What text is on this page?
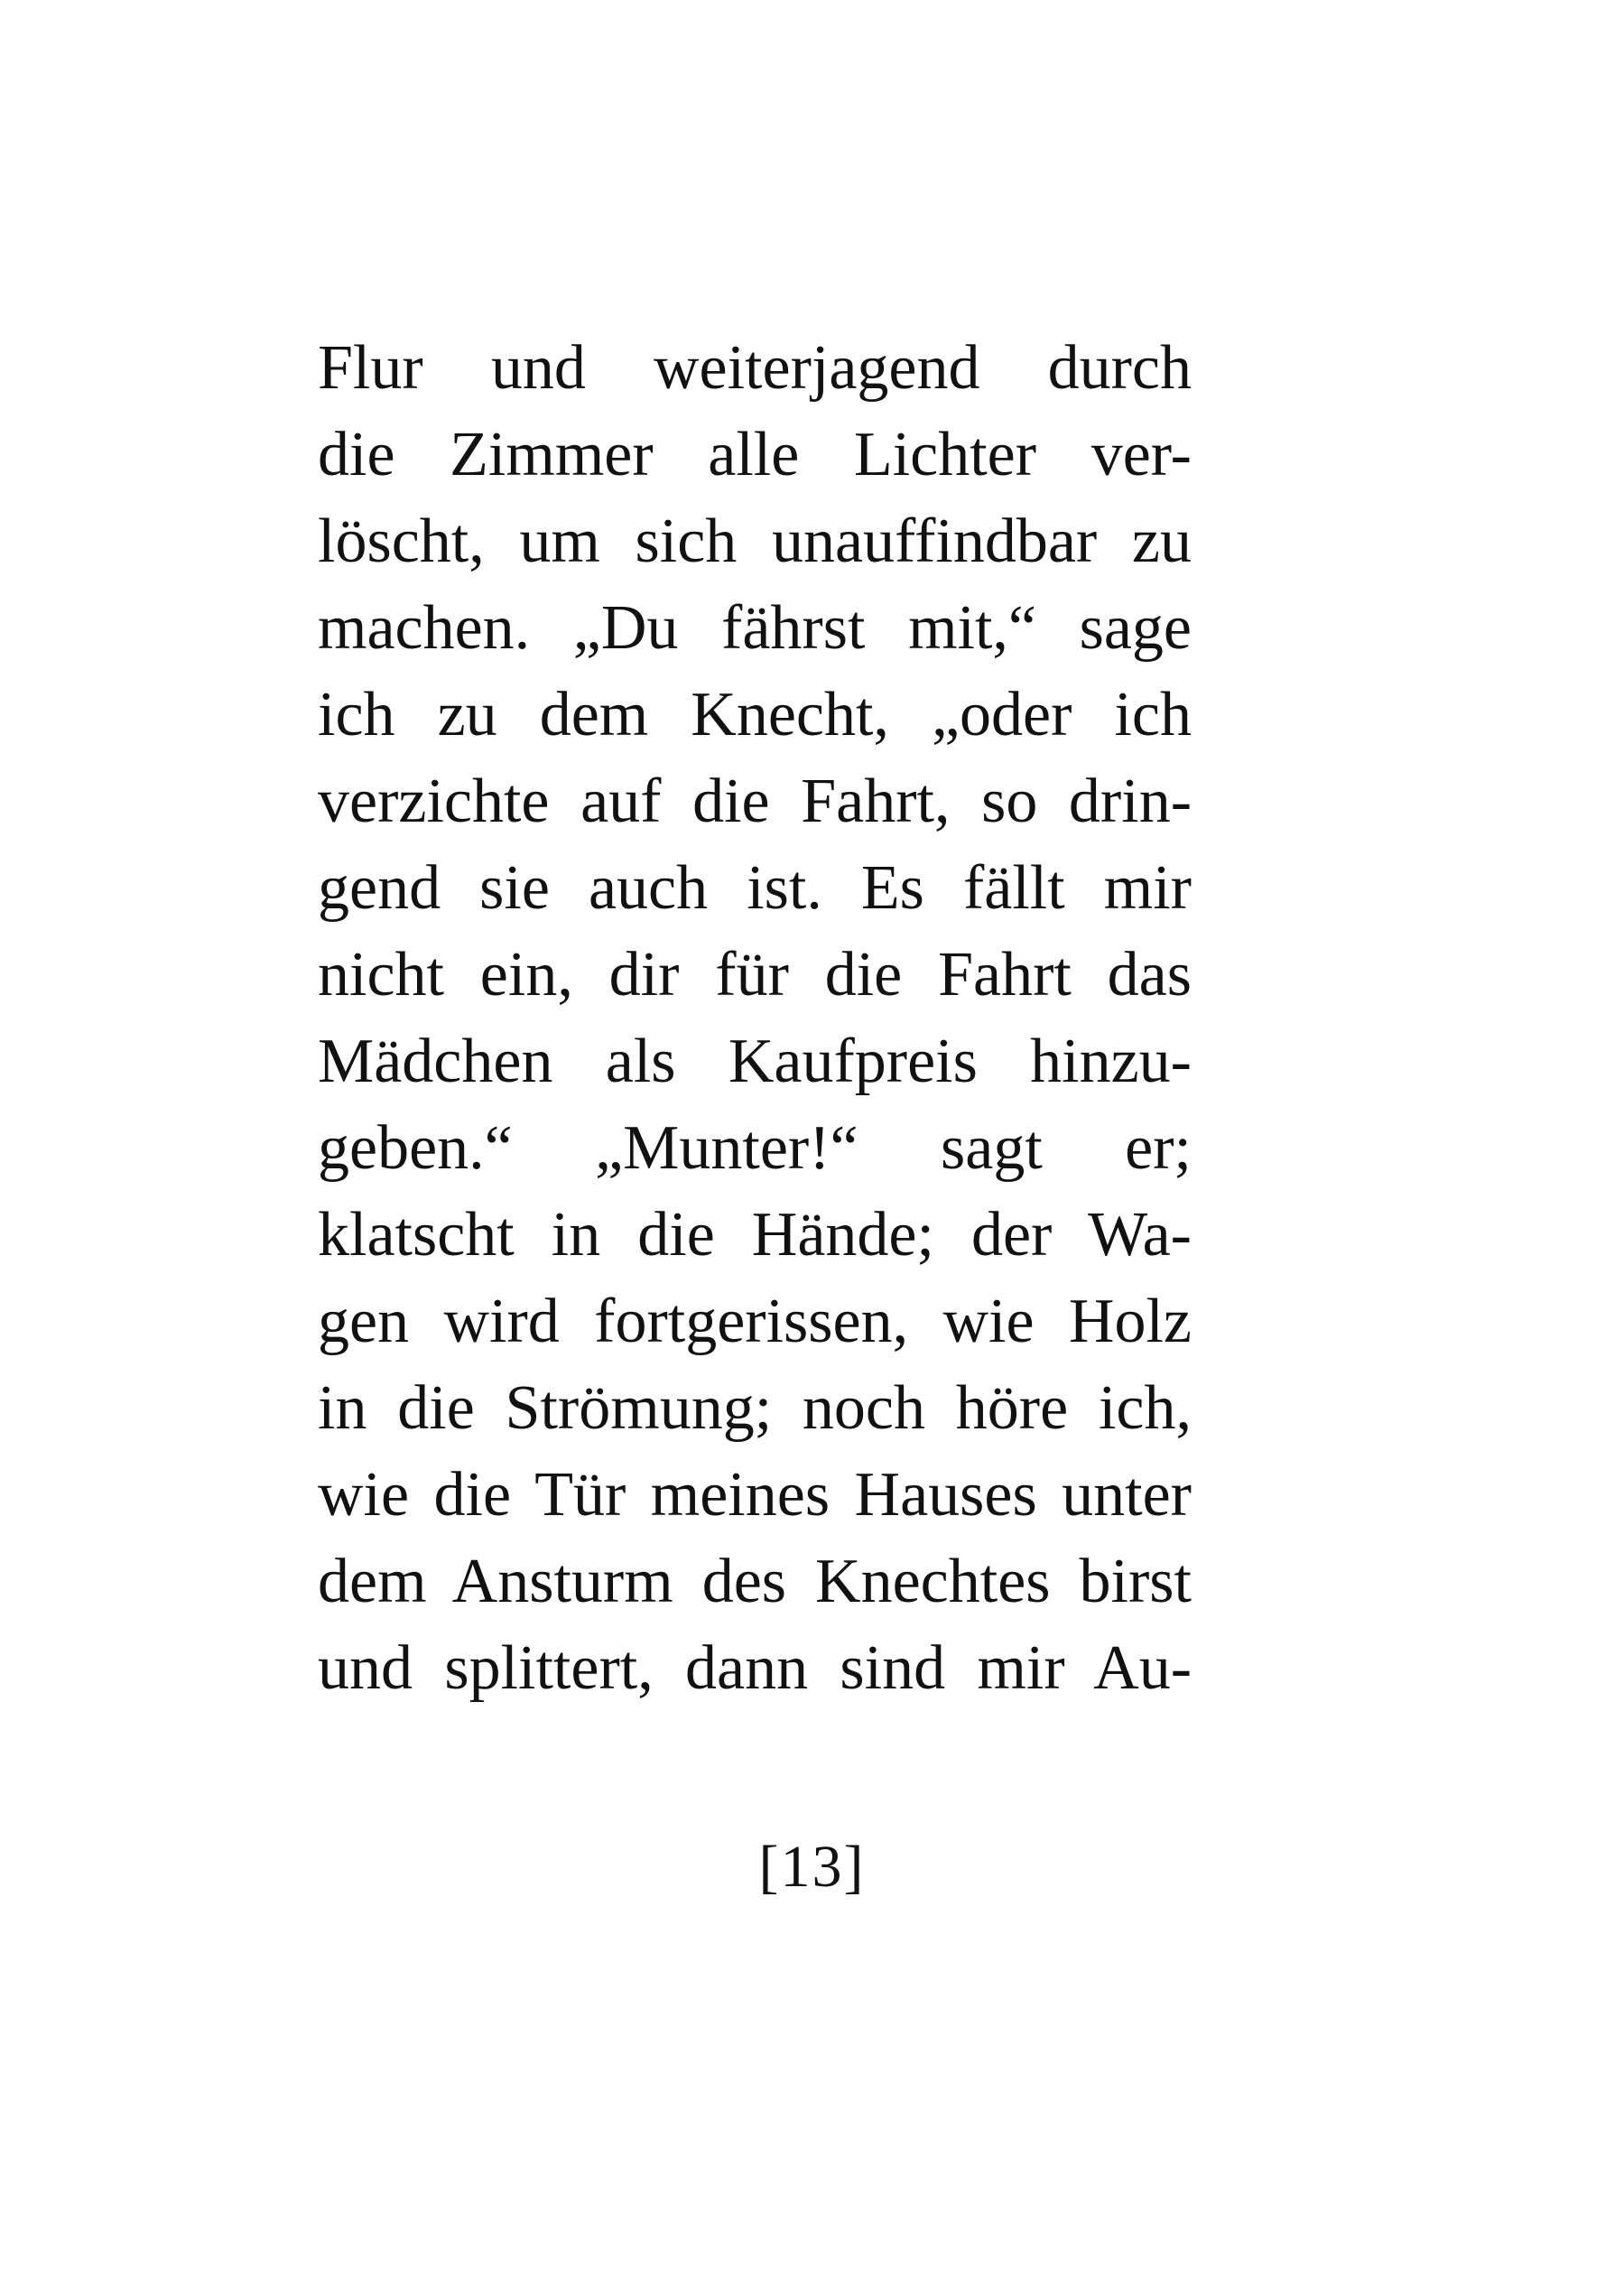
Flur und weiterjagend durch
die Zimmer alle Lichter ver-
löscht, um sich unauffindbar zu
machen. „Du fährst mit,“ sage
ich zu dem Knecht, „oder ich
verzichte auf die Fahrt, so drin-
gend sie auch ist. Es fällt mir
nicht ein, dir für die Fahrt das
Mädchen als Kaufpreis hinzu-
geben.“ „Munter!“ sagt er;
klatscht in die Hände; der Wa-
gen wird fortgerissen, wie Holz
in die Strömung; noch höre ich,
wie die Tür meines Hauses unter
dem Ansturm des Knechtes birst
und splittert, dann sind mir Au-
[13]
